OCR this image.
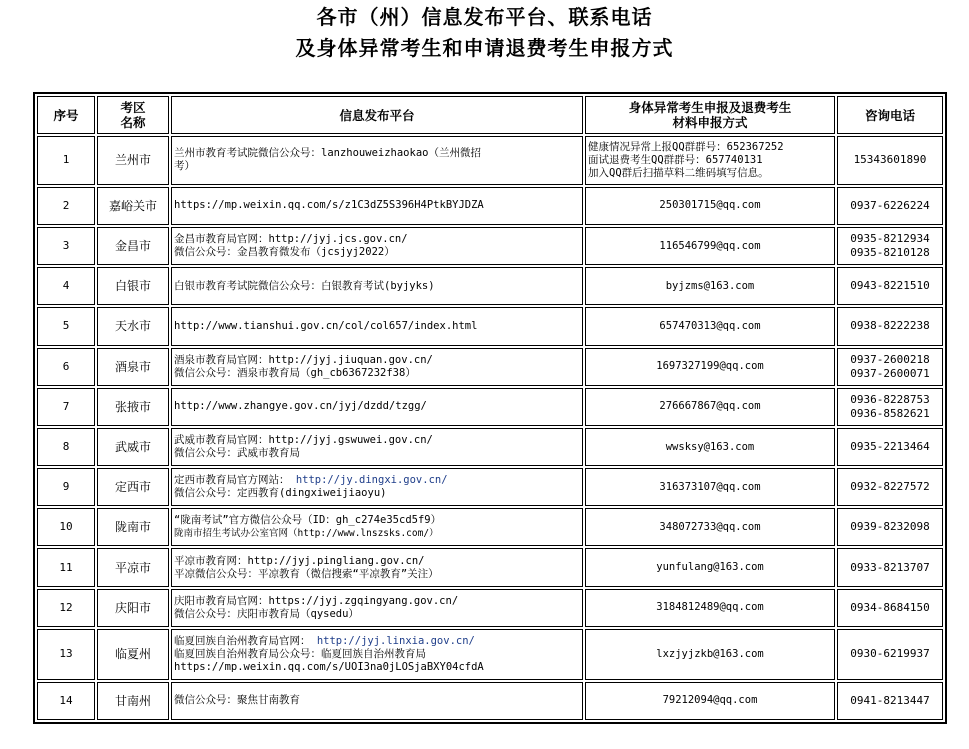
各市（州）信息发布平台、联系电话
及身体异常考生和申请退费考生申报方式
序号	考区
名称	信息发布平台	身体异常考生申报及退费考生
材料申报方式	咨询电话
1	兰州市	兰州市教育考试院微信公众号：lanzhouweizhaokao（兰州微招
考）	健康情况异常上报QQ群群号：652367252
面试退费考生QQ群群号：657740131
加入QQ群后扫描草料二维码填写信息。	15343601890

2	嘉峪关市	https://mp.weixin.qq.com/s/z1C3dZ5S396H4PtkBYJDZA	250301715@qq.com	0937-6226224

3	金昌市	金昌市教育局官网：http://jyj.jcs.gov.cn/
微信公众号：金昌教育微发布（jcsjyj2022）	116546799@qq.com	0935-8212934
0935-8210128

4	白银市	白银市教育考试院微信公众号：白银教育考试(byjyks)	byjzms@163.com	0943-8221510

5	天水市	http://www.tianshui.gov.cn/col/col657/index.html	657470313@qq.com	0938-8222238

6	酒泉市	酒泉市教育局官网：http://jyj.jiuquan.gov.cn/
微信公众号：酒泉市教育局（gh_cb6367232f38）	1697327199@qq.com	0937-2600218
0937-2600071

7	张掖市	http://www.zhangye.gov.cn/jyj/dzdd/tzgg/	276667867@qq.com	0936-8228753
0936-8582621

8	武威市	武威市教育局官网：http://jyj.gswuwei.gov.cn/
微信公众号：武威市教育局	wwsksy@163.com	0935-2213464

9	定西市	定西市教育局官方网站： http://jy.dingxi.gov.cn/
微信公众号：定西教育(dingxiweijiaoyu)	316373107@qq.com	0932-8227572

10	陇南市	“陇南考试”官方微信公众号（ID：gh_c274e35cd5f9）
陇南市招生考试办公室官网（http://www.lnszsks.com/）	348072733@qq.com	0939-8232098

11	平凉市	平凉市教育网：http://jyj.pingliang.gov.cn/
平凉微信公众号：平凉教育（微信搜索“平凉教育”关注）	yunfulang@163.com	0933-8213707

12	庆阳市	庆阳市教育局官网：https://jyj.zgqingyang.gov.cn/
微信公众号：庆阳市教育局（qysedu）	3184812489@qq.com	0934-8684150

13	临夏州	临夏回族自治州教育局官网： http://jyj.linxia.gov.cn/
临夏回族自治州教育局公众号：临夏回族自治州教育局
https://mp.weixin.qq.com/s/UOI3na0jLOSjaBXY04cfdA	lxzjyjzkb@163.com	0930-6219937

14	甘南州	微信公众号：聚焦甘南教育	79212094@qq.com	0941-8213447
